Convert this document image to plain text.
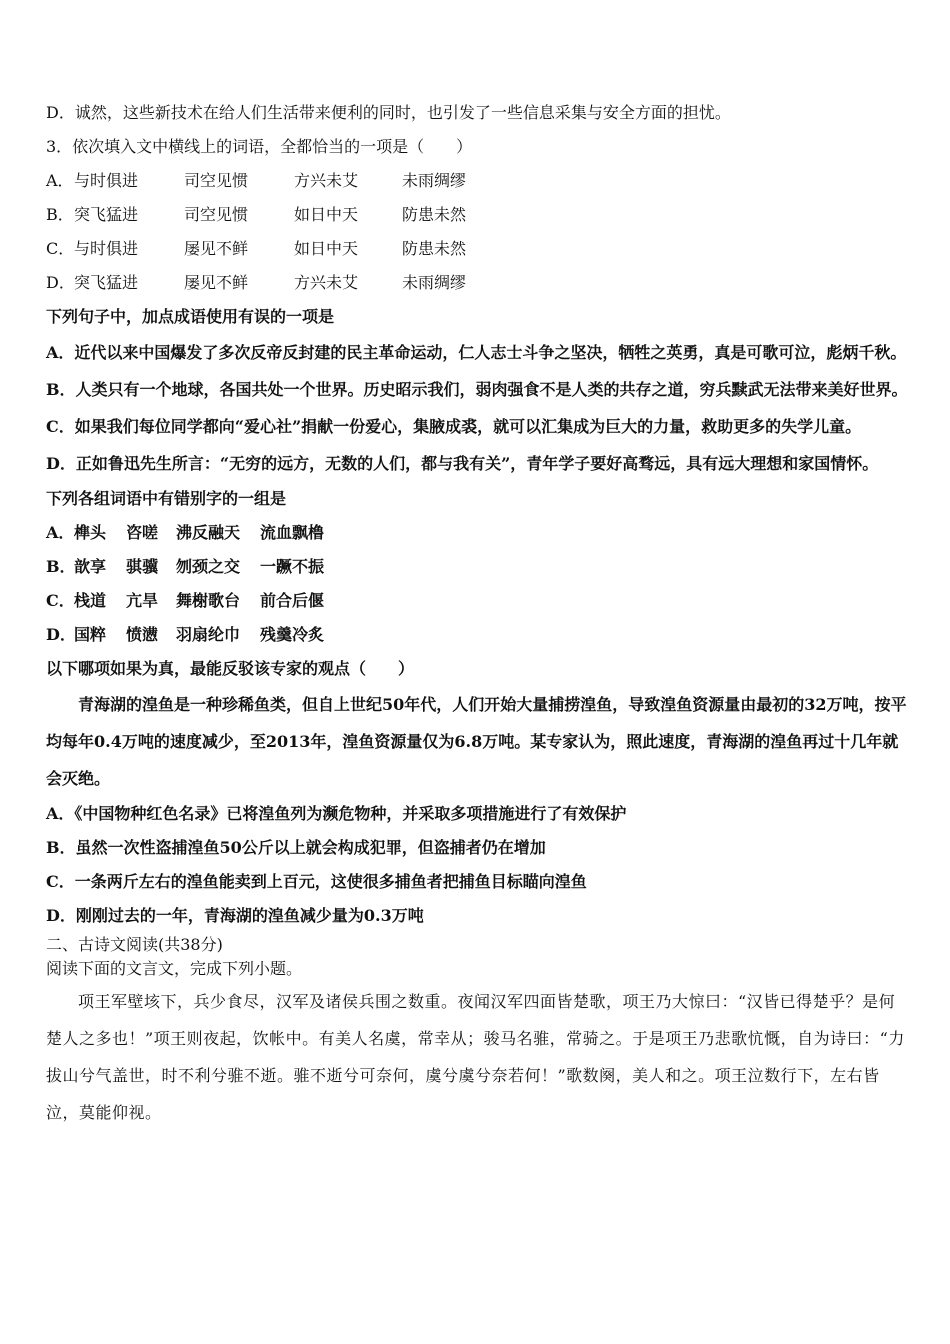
D．诚然，这些新技术在给人们生活带来便利的同时，也引发了一些信息采集与安全方面的担忧。
3．依次填入文中横线上的词语，全都恰当的一项是（　　）
A．与时俱进	司空见惯	方兴未艾	未雨绸缪
B．突飞猛进	司空见惯	如日中天	防患未然
C．与时俱进	屡见不鲜	如日中天	防患未然
D．突飞猛进	屡见不鲜	方兴未艾	未雨绸缪
下列句子中，加点成语使用有误的一项是
A．近代以来中国爆发了多次反帝反封建的民主革命运动，仁人志士斗争之坚决，牺牲之英勇，真是可歌可泣，彪炳千秋。
B．人类只有一个地球，各国共处一个世界。历史昭示我们，弱肉强食不是人类的共存之道，穷兵黩武无法带来美好世界。
C．如果我们每位同学都向“爱心社”捐献一份爱心，集腋成裘，就可以汇集成为巨大的力量，救助更多的失学儿童。
D．正如鲁迅先生所言：“无穷的远方，无数的人们，都与我有关”，青年学子要好高骛远，具有远大理想和家国情怀。
下列各组词语中有错别字的一组是
A．榫头 咨嗟 沸反融天 流血飘橹
B．歆享 骐骥 刎颈之交 一蹶不振
C．栈道 亢旱 舞榭歌台 前合后偃
D．国粹 愤懑 羽扇纶巾 残羹冷炙
以下哪项如果为真，最能反驳该专家的观点（　　）
青海湖的湟鱼是一种珍稀鱼类，但自上世纪50年代，人们开始大量捕捞湟鱼，导致湟鱼资源量由最初的32万吨，按平均每年0.4万吨的速度减少，至2013年，湟鱼资源量仅为6.8万吨。某专家认为，照此速度，青海湖的湟鱼再过十几年就会灭绝。
A．《中国物种红色名录》已将湟鱼列为濒危物种，并采取多项措施进行了有效保护
B．虽然一次性盗捕湟鱼50公斤以上就会构成犯罪，但盗捕者仍在增加
C．一条两斤左右的湟鱼能卖到上百元，这使很多捕鱼者把捕鱼目标瞄向湟鱼
D．刚刚过去的一年，青海湖的湟鱼减少量为0.3万吨
二、古诗文阅读(共38分)
阅读下面的文言文，完成下列小题。
项王军壁垓下，兵少食尽，汉军及诸侯兵围之数重。夜闻汉军四面皆楚歌，项王乃大惊曰：“汉皆已得楚乎？是何楚人之多也！”项王则夜起，饮帐中。有美人名虞，常幸从；骏马名骓，常骑之。于是项王乃悲歌忼慨，自为诗曰：“力拔山兮气盖世，时不利兮骓不逝。骓不逝兮可奈何，虞兮虞兮奈若何！”歌数阕，美人和之。项王泣数行下，左右皆泣，莫能仰视。
